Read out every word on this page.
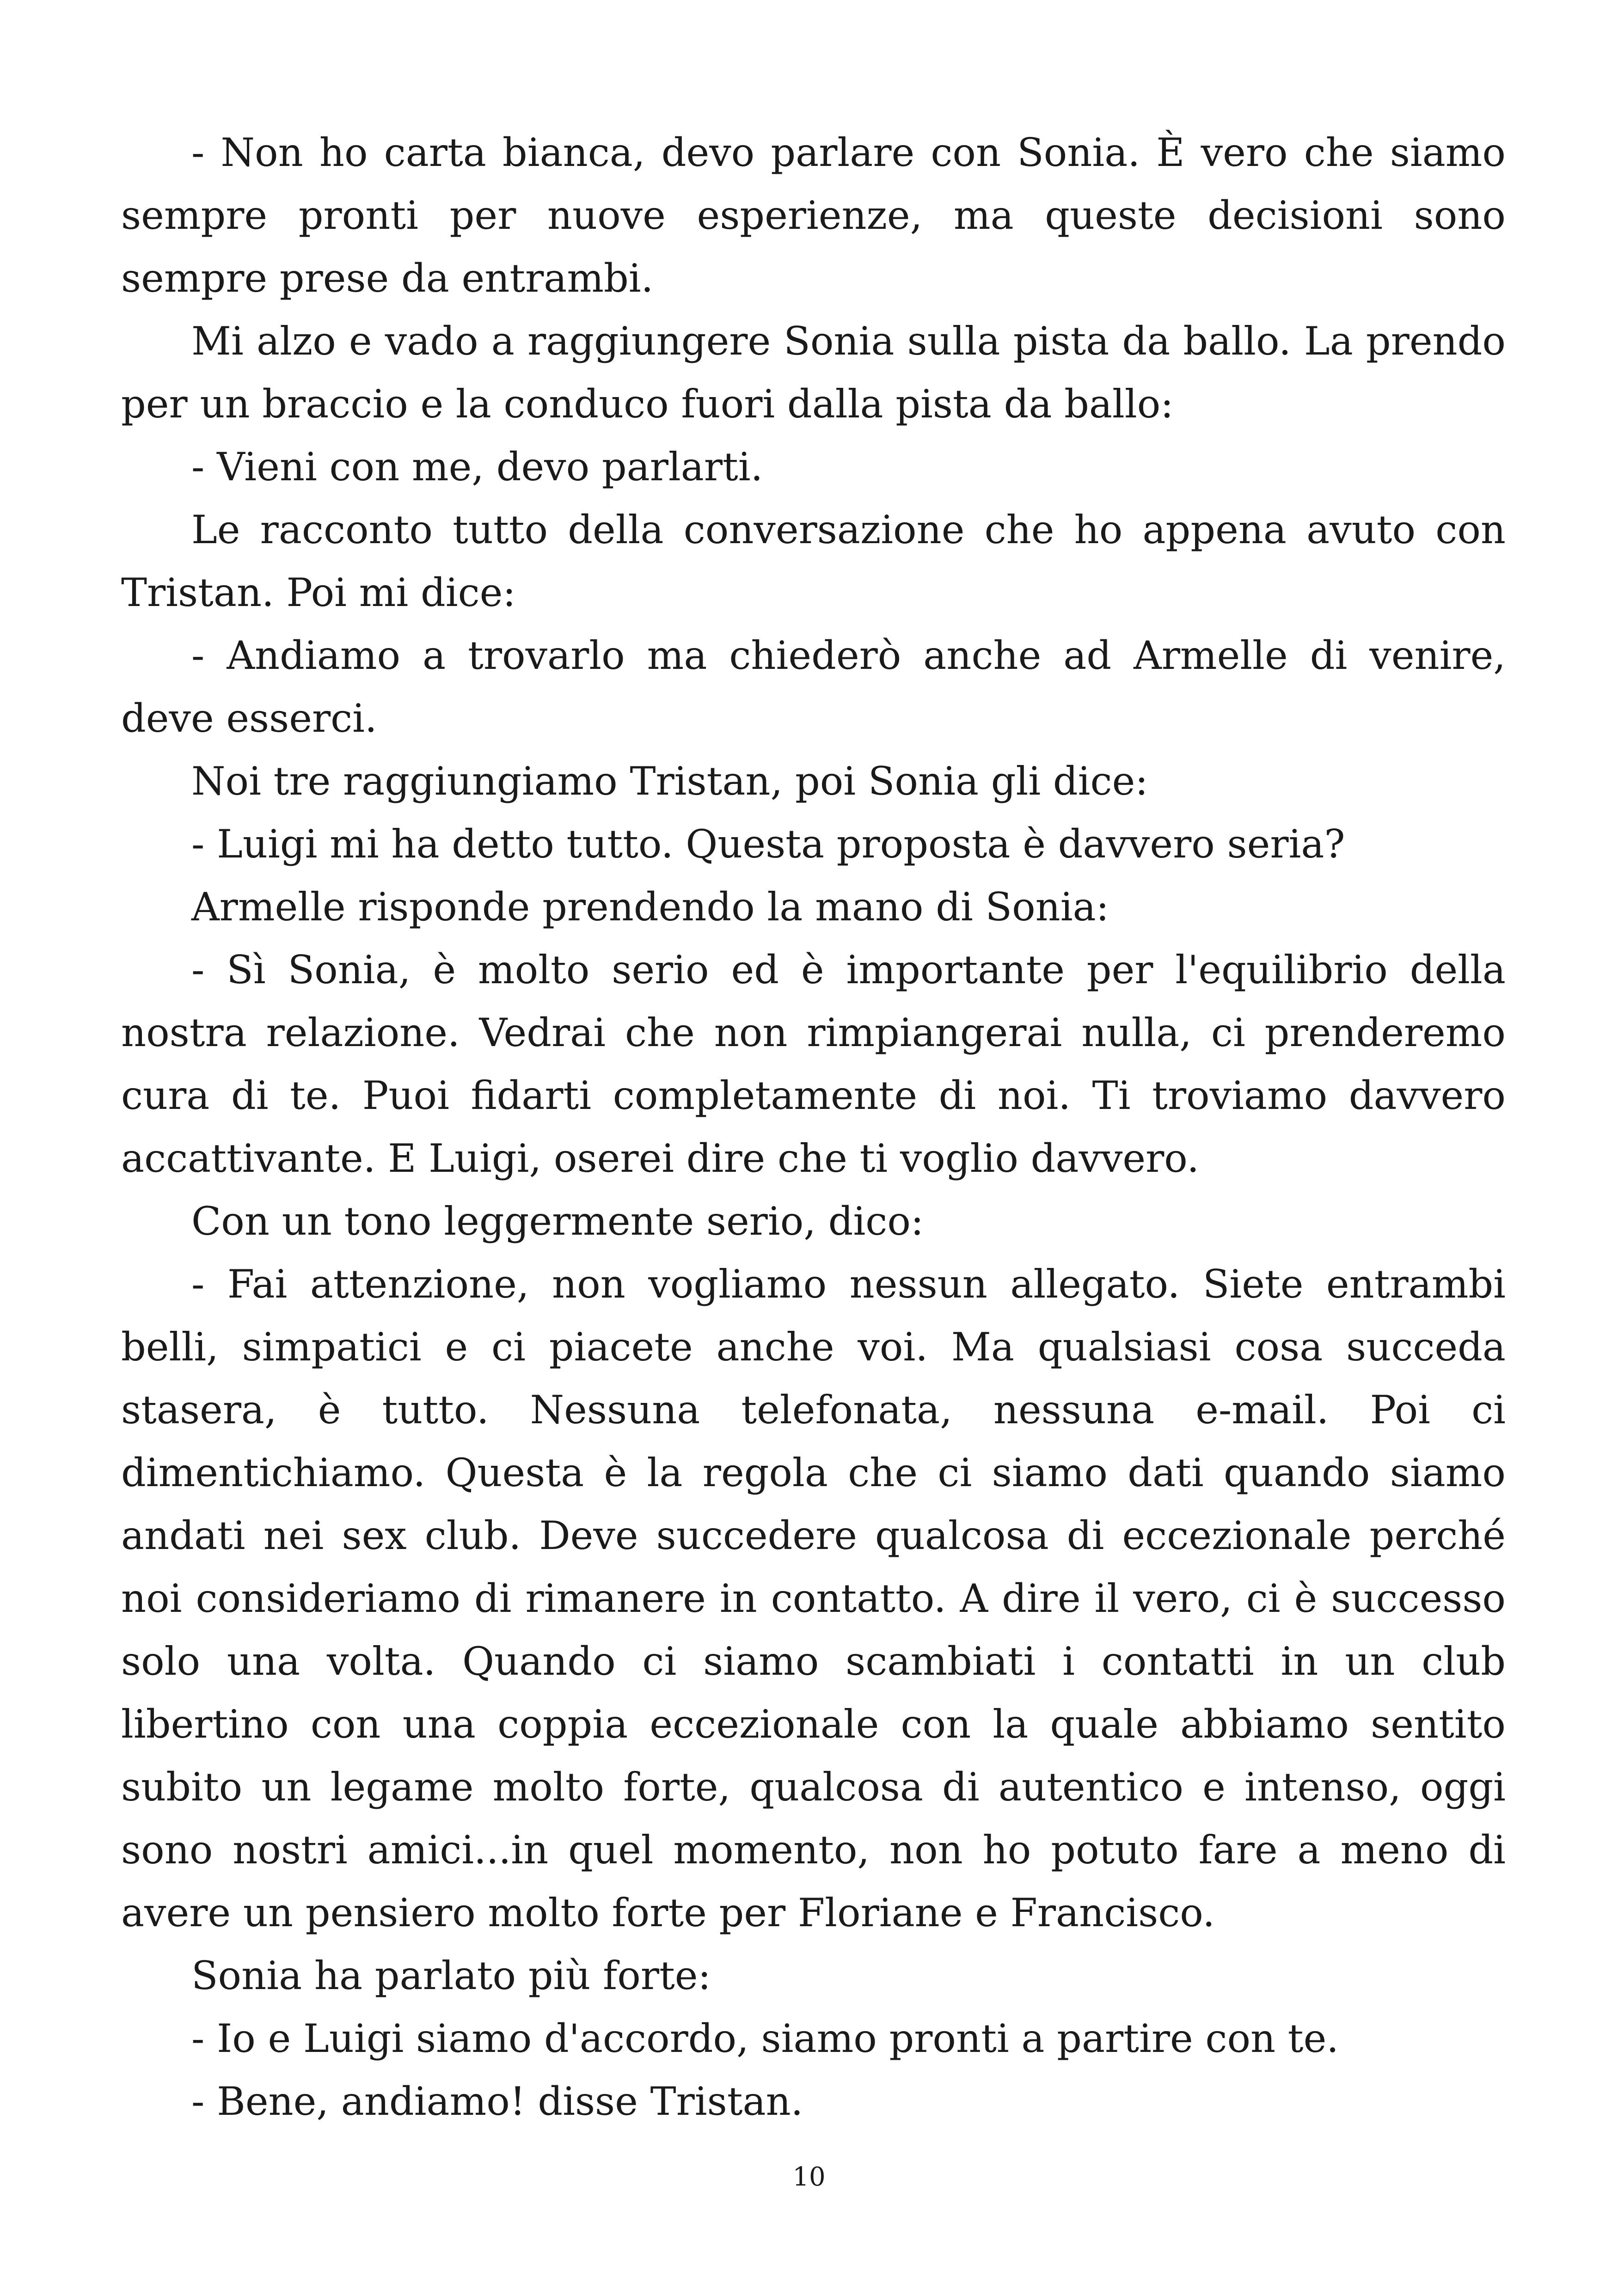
- Non ho carta bianca, devo parlare con Sonia. È vero che siamo sempre pronti per nuove esperienze, ma queste decisioni sono sempre prese da entrambi.

Mi alzo e vado a raggiungere Sonia sulla pista da ballo. La prendo per un braccio e la conduco fuori dalla pista da ballo:

- Vieni con me, devo parlarti.

Le racconto tutto della conversazione che ho appena avuto con Tristan. Poi mi dice:

- Andiamo a trovarlo ma chiederò anche ad Armelle di venire, deve esserci.

Noi tre raggiungiamo Tristan, poi Sonia gli dice:

- Luigi mi ha detto tutto. Questa proposta è davvero seria?

Armelle risponde prendendo la mano di Sonia:

- Sì Sonia, è molto serio ed è importante per l'equilibrio della nostra relazione. Vedrai che non rimpiangerai nulla, ci prenderemo cura di te. Puoi fidarti completamente di noi. Ti troviamo davvero accattivante. E Luigi, oserei dire che ti voglio davvero.

Con un tono leggermente serio, dico:

- Fai attenzione, non vogliamo nessun allegato. Siete entrambi belli, simpatici e ci piacete anche voi. Ma qualsiasi cosa succeda stasera, è tutto. Nessuna telefonata, nessuna e-mail. Poi ci dimentichiamo. Questa è la regola che ci siamo dati quando siamo andati nei sex club. Deve succedere qualcosa di eccezionale perché noi consideriamo di rimanere in contatto. A dire il vero, ci è successo solo una volta. Quando ci siamo scambiati i contatti in un club libertino con una coppia eccezionale con la quale abbiamo sentito subito un legame molto forte, qualcosa di autentico e intenso, oggi sono nostri amici...in quel momento, non ho potuto fare a meno di avere un pensiero molto forte per Floriane e Francisco.

Sonia ha parlato più forte:

- Io e Luigi siamo d'accordo, siamo pronti a partire con te.

- Bene, andiamo! disse Tristan.

10
